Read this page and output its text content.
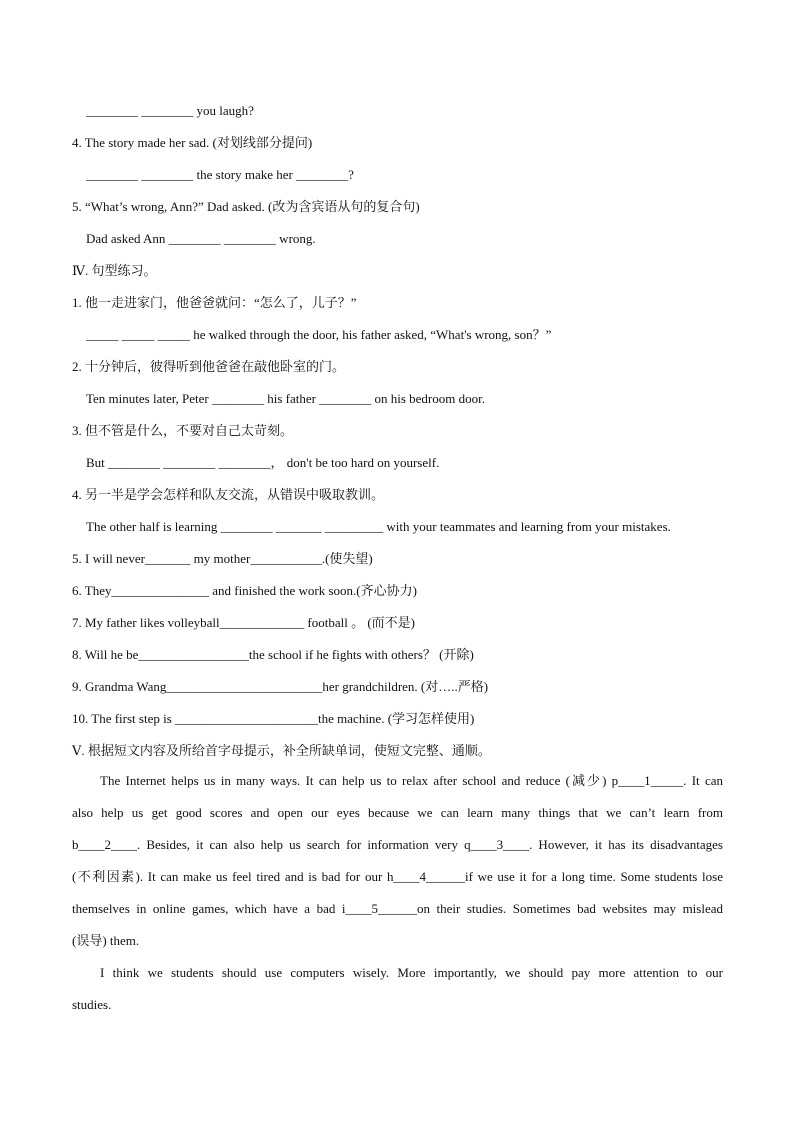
________ ________ you laugh?
4. The story made her sad. (对划线部分提问)
________ ________ the story make her ________?
5. “What’s wrong, Ann?” Dad asked. (改为含宾语从句的复合句)
Dad asked Ann ________ ________ wrong.
Ⅳ. 句型练习。
1. 他一走进家门，他爸爸就问：“怎么了，儿子？”
_____ _____ _____ he walked through the door, his father asked, “What's wrong, son？”
2. 十分钟后，彼得听到他爸爸在敲他卧室的门。
Ten minutes later, Peter ________ his father ________ on his bedroom door.
3. 但不管是什么，不要对自己太苛刻。
But ________ ________ ________， don't be too hard on yourself.
4. 另一半是学会怎样和队友交流，从错误中吸取教训。
The other half is learning ________ _______ _________ with your teammates and learning from your mistakes.
5. I will never_______ my mother___________.(使失望)
6. They_______________ and finished the work soon.(齐心协力)
7. My father likes volleyball_____________ football 。 (而不是)
8. Will he be_________________the school if he fights with others？ (开除)
9. Grandma Wang________________________her grandchildren. (对…..严格)
10. The first step is ______________________the machine. (学习怎样使用)
Ⅴ. 根据短文内容及所给首字母提示，补全所缺单词，使短文完整、通顺。
The Internet helps us in many ways. It can help us to relax after school and reduce (减少) p____1_____. It can
also help us get good scores and open our eyes because we can learn many things that we can’t learn from
b____2____. Besides, it can also help us search for information very q____3____. However, it has its disadvantages
(不利因素). It can make us feel tired and is bad for our h____4______if we use it for a long time. Some students lose
themselves in online games, which have a bad i____5______on their studies. Sometimes bad websites may mislead
(误导) them.
I think we students should use computers wisely. More importantly, we should pay more attention to our
studies.
